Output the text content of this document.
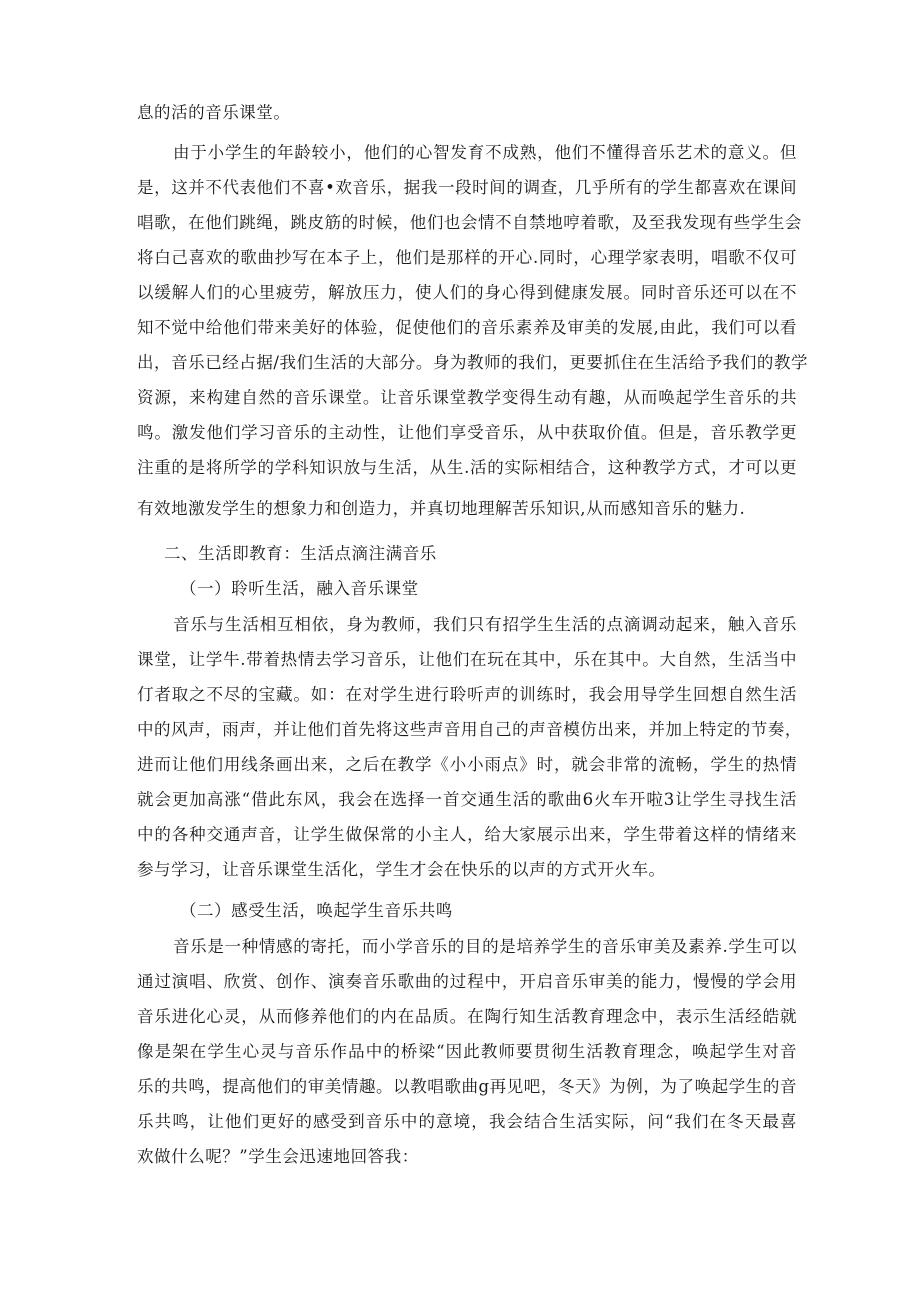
息的活的音乐课堂。
由于小学生的年龄较小，他们的心智发育不成熟，他们不懂得音乐艺术的意义。但
是，这并不代表他们不喜•欢音乐，据我一段时间的调查，几乎所有的学生都喜欢在课间
唱歌，在他们跳绳，跳皮筋的时候，他们也会情不自禁地哼着歌，及至我发现有些学生会
将白己喜欢的歌曲抄写在本子上，他们是那样的开心.同时，心理学家表明，唱歌不仅可
以缓解人们的心里疲劳，解放压力，使人们的身心得到健康发展。同时音乐还可以在不
知不觉中给他们带来美好的体验，促使他们的音乐素养及审美的发展,由此，我们可以看
出，音乐已经占据/我们生活的大部分。身为教师的我们，更要抓住在生活给予我们的教学
资源，来构建自然的音乐课堂。让音乐课堂教学变得生动有趣，从而唤起学生音乐的共
鸣。激发他们学习音乐的主动性，让他们享受音乐，从中获取价值。但是，音乐教学更
注重的是将所学的学科知识放与生活，从生.活的实际相结合，这种教学方式，才可以更
有效地激发学生的想象力和创造力，并真切地理解苦乐知识,从而感知音乐的魅力.
二、生活即教育：生活点滴注满音乐
（一）聆听生活，融入音乐课堂
音乐与生活相互相依，身为教师，我们只有招学生生活的点滴调动起来，触入音乐
课堂，让学牛.带着热情去学习音乐，让他们在玩在其中，乐在其中。大自然，生活当中
仃者取之不尽的宝藏。如：在对学生进行聆听声的训练时，我会用导学生回想自然生活
中的风声，雨声，并让他们首先将这些声音用自己的声音模仿出来，并加上特定的节奏，
进而让他们用线条画出来，之后在教学《小小雨点》时，就会非常的流畅，学生的热情
就会更加高涨“借此东风，我会在选择一首交通生活的歌曲6火车开啦3让学生寻找生活
中的各种交通声音，让学生做保常的小主人，给大家展示出来，学生带着这样的情绪来
参与学习，让音乐课堂生活化，学生才会在快乐的以声的方式开火车。
（二）感受生活，唤起学生音乐共鸣
音乐是一种情感的寄托，而小学音乐的目的是培养学生的音乐审美及素养.学生可以
通过演唱、欣赏、创作、演奏音乐歌曲的过程中，开启音乐审美的能力，慢慢的学会用
音乐进化心灵，从而修养他们的内在品质。在陶行知生活教育理念中，表示生活经皓就
像是架在学生心灵与音乐作品中的桥梁“因此教师要贯彻生活教育理念，唤起学生对音
乐的共鸣，提高他们的审美情趣。以教唱歌曲g再见吧，冬天》为例，为了唤起学生的音
乐共鸣，让他们更好的感受到音乐中的意境，我会结合生活实际，问“我们在冬天最喜
欢做什么呢？”学生会迅速地回答我：
